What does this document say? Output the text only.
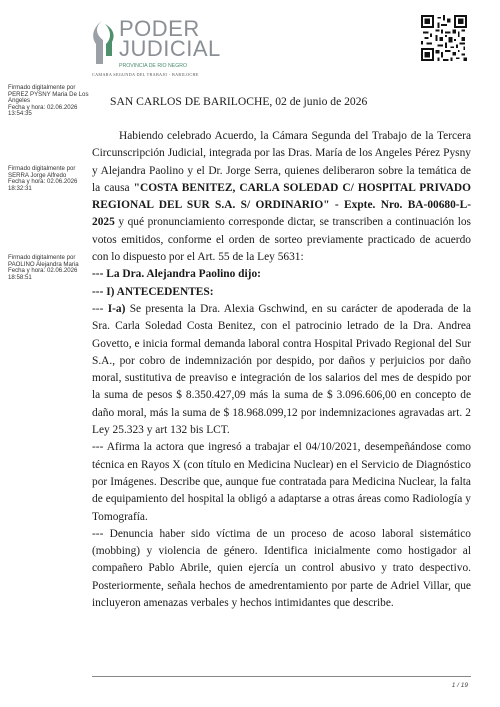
PODER
JUDICIAL
PROVINCIA DE RIO NEGRO
CAMARA SEGUNDA DEL TRABAJO - BARILOCHE
Firmado digitalmente por
PEREZ PYSNY Maria De Los
Angeles
Fecha y hora: 02.06.2026
13:54:35
Firmado digitalmente por
SERRA Jorge Alfredo
Fecha y hora: 02.06.2026
18:32:31
Firmado digitalmente por
PAOLINO Alejandra Maria
Fecha y hora: 02.06.2026
18:58:51
SAN CARLOS DE BARILOCHE, 02 de junio de 2026

Habiendo celebrado Acuerdo, la Cámara Segunda del Trabajo de la Tercera Circunscripción Judicial, integrada por las Dras. María de los Angeles Pérez Pysny y Alejandra Paolino y el Dr. Jorge Serra, quienes deliberaron sobre la temática de la causa "COSTA BENITEZ, CARLA SOLEDAD C/ HOSPITAL PRIVADO REGIONAL DEL SUR S.A. S/ ORDINARIO" - Expte. Nro. BA-00680-L-2025 y qué pronunciamiento corresponde dictar, se transcriben a continuación los votos emitidos, conforme el orden de sorteo previamente practicado de acuerdo con lo dispuesto por el Art. 55 de la Ley 5631:

--- La Dra. Alejandra Paolino dijo:

--- I) ANTECEDENTES:

--- I-a) Se presenta la Dra. Alexia Gschwind, en su carácter de apoderada de la Sra. Carla Soledad Costa Benitez, con el patrocinio letrado de la Dra. Andrea Govetto, e inicia formal demanda laboral contra Hospital Privado Regional del Sur S.A., por cobro de indemnización por despido, por daños y perjuicios por daño moral, sustitutiva de preaviso e integración de los salarios del mes de despido por la suma de pesos $ 8.350.427,09 más la suma de $ 3.096.606,00 en concepto de daño moral, más la suma de $ 18.968.099,12 por indemnizaciones agravadas art. 2 Ley 25.323 y art 132 bis LCT.

--- Afirma la actora que ingresó a trabajar el 04/10/2021, desempeñándose como técnica en Rayos X (con título en Medicina Nuclear) en el Servicio de Diagnóstico por Imágenes. Describe que, aunque fue contratada para Medicina Nuclear, la falta de equipamiento del hospital la obligó a adaptarse a otras áreas como Radiología y Tomografía.

--- Denuncia haber sido víctima de un proceso de acoso laboral sistemático (mobbing) y violencia de género. Identifica inicialmente como hostigador al compañero Pablo Abrile, quien ejercía un control abusivo y trato despectivo. Posteriormente, señala hechos de amedrentamiento por parte de Adriel Villar, que incluyeron amenazas verbales y hechos intimidantes que describe.

1 / 19
